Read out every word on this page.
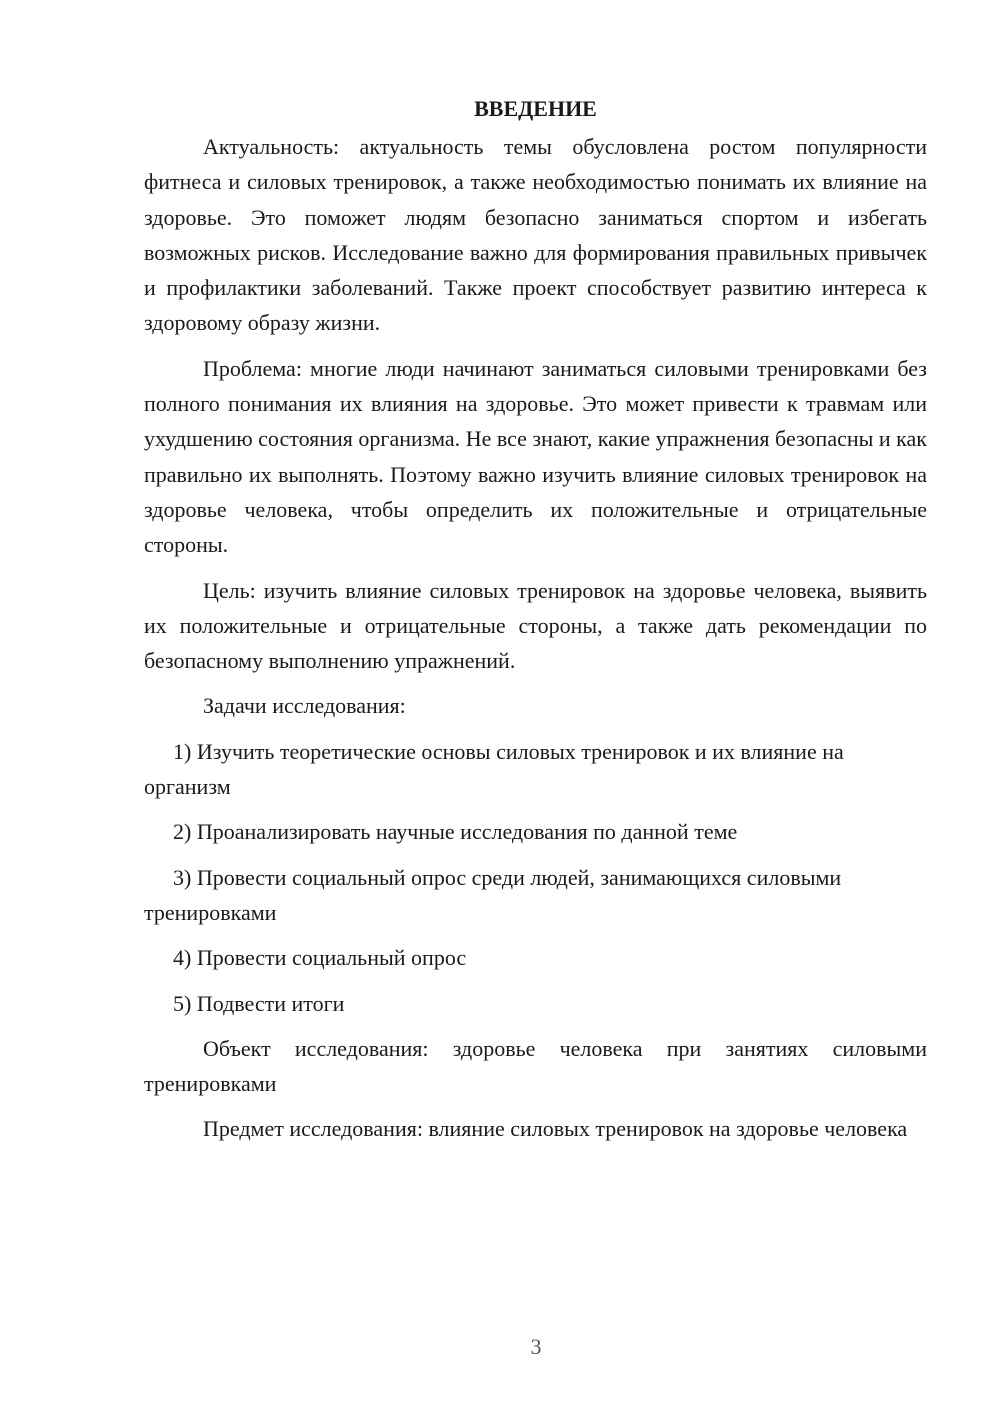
ВВЕДЕНИЕ

Актуальность: актуальность темы обусловлена ростом популярности фитнеса и силовых тренировок, а также необходимостью понимать их влияние на здоровье. Это поможет людям безопасно заниматься спортом и избегать возможных рисков. Исследование важно для формирования правильных привычек и профилактики заболеваний. Также проект способствует развитию интереса к здоровому образу жизни.

Проблема: многие люди начинают заниматься силовыми тренировками без полного понимания их влияния на здоровье. Это может привести к травмам или ухудшению состояния организма. Не все знают, какие упражнения безопасны и как правильно их выполнять. Поэтому важно изучить влияние силовых тренировок на здоровье человека, чтобы определить их положительные и отрицательные стороны.

Цель: изучить влияние силовых тренировок на здоровье человека, выявить их положительные и отрицательные стороны, а также дать рекомендации по безопасному выполнению упражнений.

Задачи исследования:

1) Изучить теоретические основы силовых тренировок и их влияние на организм

2) Проанализировать научные исследования по данной теме

3) Провести социальный опрос среди людей, занимающихся силовыми тренировками

4) Провести социальный опрос

5) Подвести итоги

Объект исследования: здоровье человека при занятиях силовыми тренировками

Предмет исследования: влияние силовых тренировок на здоровье человека

3
